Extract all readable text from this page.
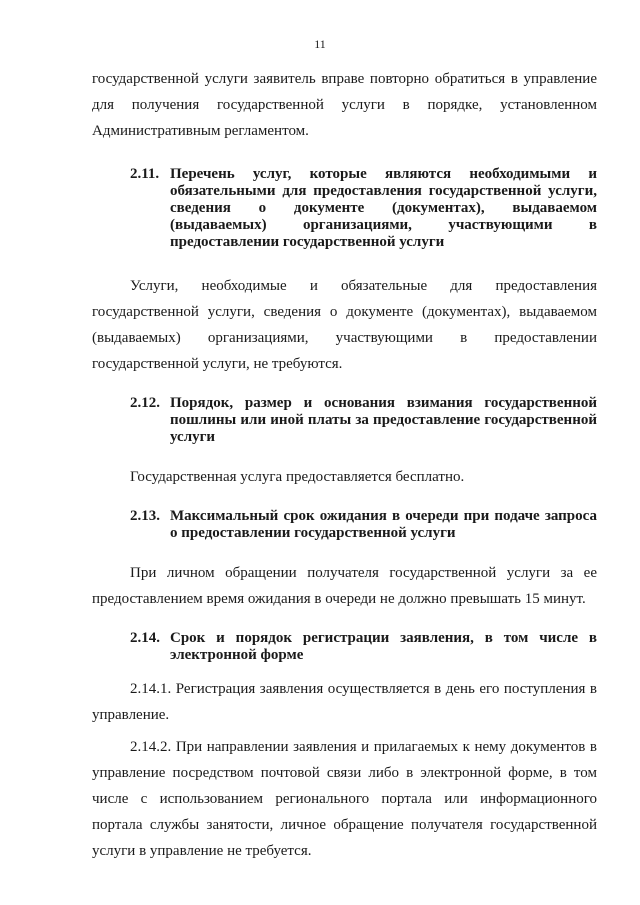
11

государственной услуги заявитель вправе повторно обратиться в управление для получения государственной услуги в порядке, установленном Административным регламентом.

2.11. Перечень услуг, которые являются необходимыми и обязательными для предоставления государственной услуги, сведения о документе (документах), выдаваемом (выдаваемых) организациями, участвующими в предоставлении государственной услуги

Услуги, необходимые и обязательные для предоставления государственной услуги, сведения о документе (документах), выдаваемом (выдаваемых) организациями, участвующими в предоставлении государственной услуги, не требуются.

2.12. Порядок, размер и основания взимания государственной пошлины или иной платы за предоставление государственной услуги

Государственная услуга предоставляется бесплатно.

2.13. Максимальный срок ожидания в очереди при подаче запроса о предоставлении государственной услуги

При личном обращении получателя государственной услуги за ее предоставлением время ожидания в очереди не должно превышать 15 минут.

2.14. Срок и порядок регистрации заявления, в том числе в электронной форме

2.14.1. Регистрация заявления осуществляется в день его поступления в управление.

2.14.2. При направлении заявления и прилагаемых к нему документов в управление посредством почтовой связи либо в электронной форме, в том числе с использованием регионального портала или информационного портала службы занятости, личное обращение получателя государственной услуги в управление не требуется.
